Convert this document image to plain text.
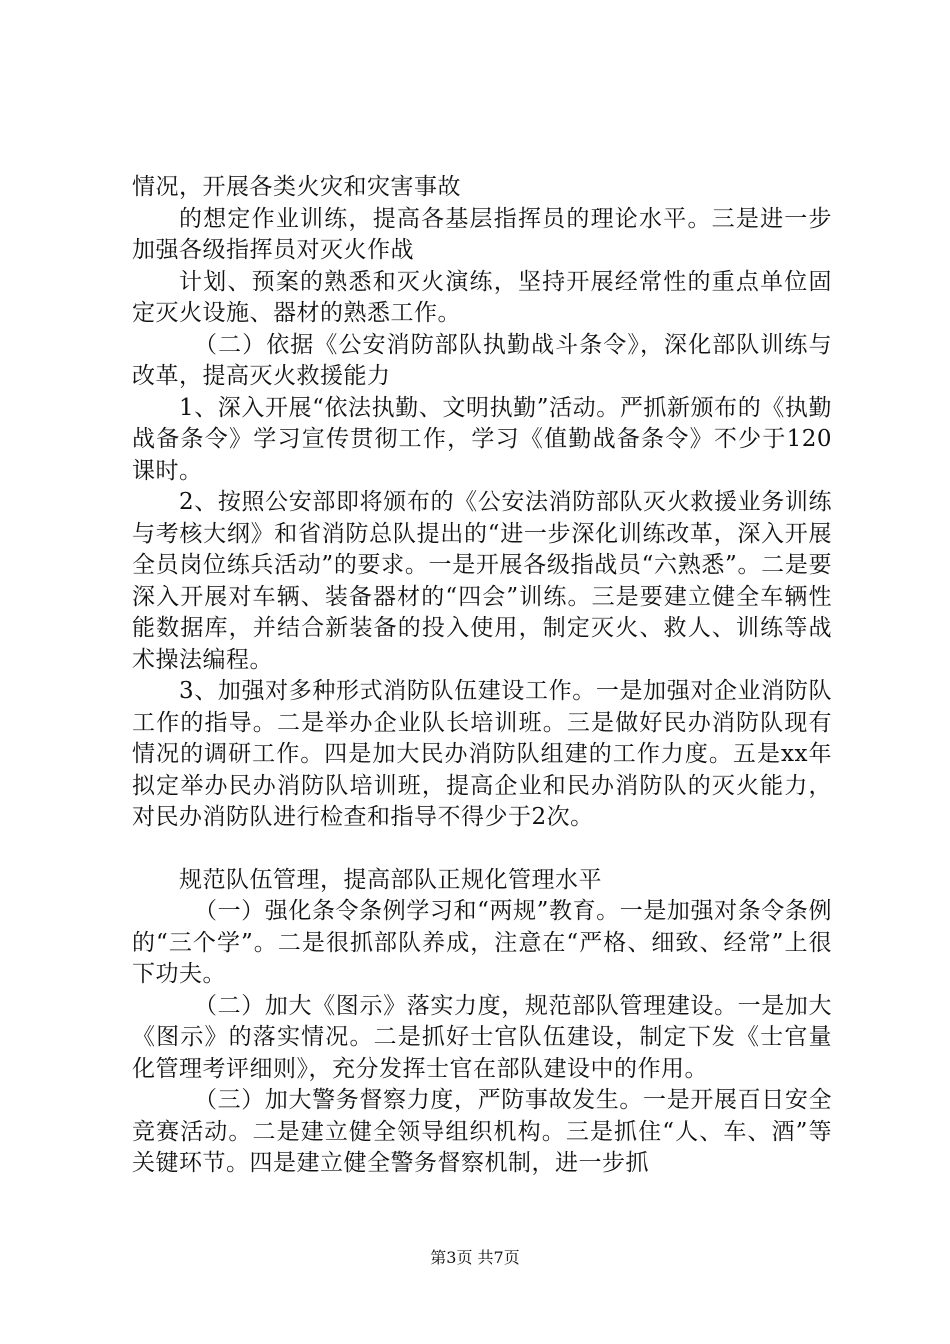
情况，开展各类火灾和灾害事故

的想定作业训练，提高各基层指挥员的理论水平。三是进一步加强各级指挥员对灭火作战

计划、预案的熟悉和灭火演练，坚持开展经常性的重点单位固定灭火设施、器材的熟悉工作。

（二）依据《公安消防部队执勤战斗条令》，深化部队训练与改革，提高灭火救援能力

1、深入开展“依法执勤、文明执勤”活动。严抓新颁布的《执勤战备条令》学习宣传贯彻工作，学习《值勤战备条令》不少于120课时。

2、按照公安部即将颁布的《公安法消防部队灭火救援业务训练与考核大纲》和省消防总队提出的“进一步深化训练改革，深入开展全员岗位练兵活动”的要求。一是开展各级指战员“六熟悉”。二是要深入开展对车辆、装备器材的“四会”训练。三是要建立健全车辆性能数据库，并结合新装备的投入使用，制定灭火、救人、训练等战术操法编程。

3、加强对多种形式消防队伍建设工作。一是加强对企业消防队工作的指导。二是举办企业队长培训班。三是做好民办消防队现有情况的调研工作。四是加大民办消防队组建的工作力度。五是xx年拟定举办民办消防队培训班，提高企业和民办消防队的灭火能力，对民办消防队进行检查和指导不得少于2次。

规范队伍管理，提高部队正规化管理水平

（一）强化条令条例学习和“两规”教育。一是加强对条令条例的“三个学”。二是很抓部队养成，注意在“严格、细致、经常”上很下功夫。

（二）加大《图示》落实力度，规范部队管理建设。一是加大《图示》的落实情况。二是抓好士官队伍建设，制定下发《士官量化管理考评细则》，充分发挥士官在部队建设中的作用。

（三）加大警务督察力度，严防事故发生。一是开展百日安全竞赛活动。二是建立健全领导组织机构。三是抓住“人、车、酒”等关键环节。四是建立健全警务督察机制，进一步抓

第3页 共7页
